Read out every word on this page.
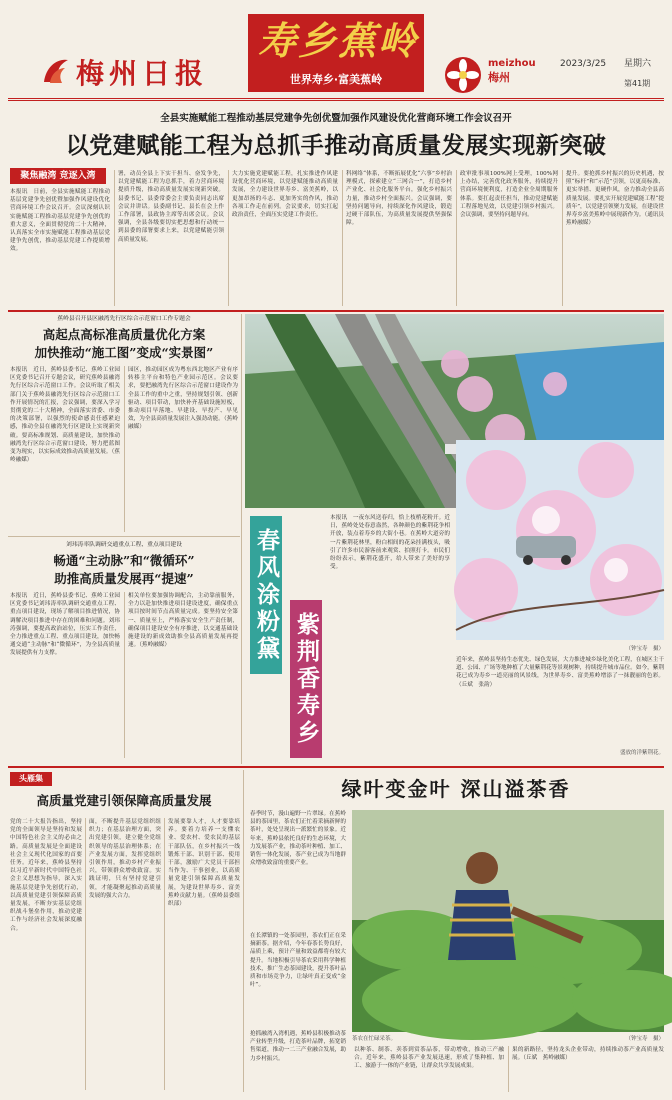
梅州日报
寿乡蕉岭
世界寿乡·富美蕉岭
meizhou
梅州
2023/3/25	星期六
第41期
全县实施赋能工程推动基层党建争先创优暨加强作风建设优化营商环境工作会议召开
以党建赋能工程为总抓手推动高质量发展实现新突破
聚焦融湾 竞逐入湾
本报讯　日前，全县实施赋能工程推动基层党建争先创优暨加强作风建设优化营商环境工作会议召开。会议深刻认识实施赋能工程推动基层党建争先创优的重大意义，全面贯彻党的二十大精神，认真落实全市实施赋能工程推动基层党建争先创优，推动基层党建工作提质增效。
署，动员全县上下实干担当、奋发争先，以党建赋能工程为总抓手，着力营商环境提质升级，推动高质量发展实现新突破。县委书记、县委常委会主要负责同志出席会议并讲话。县委副书记、县长在会上作工作部署，县政协主席等出席会议。会议强调，全县各级要切实把思想和行动统一到县委的部署要求上来，以党建赋能引领高质量发展。
大力实施党建赋能工程，扎实推进作风建设优化营商环境，以党建赋能推动高质量发展，全力建设世界寿乡、富美蕉岭，以更加昂扬的斗志、更加务实的作风，推动各项工作走在前列。会议要求，切实扛起政治责任，全面压实党建工作责任。
科网络“体系，不断拓展优化“六事”乡村治理模式，探索建立“三网合一”，打造乡村产业化、社会化服务平台，强化乡村振兴力量，推动乡村全面振兴。会议强调，要坚持问题导向，持续深化作风建设，锻造过硬干部队伍，为高质量发展提供坚强保障。
政审批事项100%网上受理，100%网上办结，完善优化政务服务，持续提升营商环境便利度，打造企业全周期服务体系。要扛起责任担当，推动党建赋能工程落地见效，以党建引领乡村振兴。会议强调，要坚持问题导向。
提升。要抢抓乡村振兴的历史机遇，按照“标杆”和“示范”引领，以更高标准、更实举措、更硬作风，奋力推动全县高质量发展。要扎实开展党建赋能工程“提质年”，以党建引领聚力发展，在建设世界寿乡富美蕉岭中展现新作为。（通讯员　蕉岭融媒）
蕉岭县召开县区融湾先行区综合示范窗口工作专题会
高起点高标准高质量优化方案
加快推动“施工图”变成“实景图”
本报讯　近日，蕉岭县委书记、蕉岭工业园区党委书记召开专题会议，研究蕉岭县融湾先行区综合示范窗口工作。会议听取了相关部门关于蕉岭县融湾先行区综合示范窗口工作开展情况的汇报，会议强调，要深入学习贯彻党的二十大精神，全面落实省委、市委的决策部署，以强烈的使命感责任感紧迫感，推动全县在融湾先行区建设上实现新突破。要高标准规划、高质量建设，加快推动融湾先行区综合示范窗口建设，努力把蓝图变为现实，以实际成效推动高质量发展。（蕉岭融媒）
园区，推动园区成为粤东西北地区产业有序转移主平台和特色产业园示范区。会议要求，要把融湾先行区综合示范窗口建设作为全县工作的重中之重，坚持规划引领、创新驱动、项目带动，加快补齐基础设施短板，推动项目早落地、早建设、早投产、早见效，为全县高质量发展注入强劲动能。（蕉岭融媒）
刘玮涛率队调研交通重点工程、重点项目建设
畅通“主动脉”和“微循环”
助推高质量发展再“提速”
本报讯　近日，蕉岭县委书记、蕉岭工业园区党委书记刘玮涛率队调研交通重点工程、重点项目建设，现场了解项目推进情况，协调解决项目推进中存在的困难和问题。刘玮涛强调，要提高政治站位，压实工作责任，全力推进重点工程、重点项目建设，加快畅通交通“主动脉”和“微循环”，为全县高质量发展提供有力支撑。
相关单位要加强协调配合，主动靠前服务，全力以赴加快推进项目建设进度，确保重点项目按时间节点高质量完成。要坚持安全第一、质量至上，严格落实安全生产责任制，确保项目建设安全有序推进，以交通基础设施建设的新成效助推全县高质量发展再提速。（蕉岭融媒）	春风涂粉黛
紫荆香寿乡
本报讯　一夜东风送春归，恰上枝梢花粉开。近日，蕉岭处处春意盎然，各种颜色的紫荆花争相开放，装点着寿乡的大街小巷。在蕉岭大道旁的一片紫荆花林里，粉白相间的花朵挂满枝头，吸引了许多市民游客前来观赏、拍照打卡。市民们纷纷表示，紫荆花盛开，给人带来了美好的享受。
（钟宝寿　摄）
近年来，蕉岭县坚持生态优先、绿色发展，大力推进城乡绿化美化工程，在城区主干道、公园、广场等地种植了大量紫荆花等景观树种，持续提升城市品位。如今，紫荆花已成为寿乡一道亮丽的风景线，为世界寿乡、富美蕉岭增添了一抹靓丽的色彩。（丘斌　张韵）
盛放的洋紫荆花。
头雁集
高质量党建引领保障高质量发展
党的二十大报告指出，坚持党的全面领导是坚持和发展中国特色社会主义的必由之路。高质量发展是全面建设社会主义现代化国家的首要任务。近年来，蕉岭县坚持以习近平新时代中国特色社会主义思想为指导，深入实施基层党建争先创优行动，以高质量党建引领保障高质量发展，不断夯实基层党组织战斗堡垒作用，推动党建工作与经济社会发展深度融合。
面，不断提升基层党组织组织力；在基层治理方面，突出党建引领，建立健全党组织领导的基层治理体系；在产业发展方面，发挥党组织引领作用，推动乡村产业振兴，带领群众增收致富。实践证明，只有坚持党建引领，才能凝聚起推动高质量发展的强大合力。
发展要靠人才，人才要靠培养。要着力培养一支懂农业、爱农村、爱农民的基层干部队伍，在乡村振兴一线锻炼干部、识别干部、使用干部，激励广大党员干部担当作为、干事创业，以高质量党建引领保障高质量发展，为建设世界寿乡、富美蕉岭贡献力量。（蕉岭县委组织部）
绿叶变金叶 深山溢茶香
春季时节，漫山遍野一片翠绿。在蕉岭县的茶园里，茶农们正忙着采摘新鲜的茶叶，处处呈现出一派繁忙的景象。近年来，蕉岭县依托良好的生态环境，大力发展茶产业，推动茶叶种植、加工、销售一体化发展，茶产业已成为当地群众增收致富的重要产业。
在长潭镇的一处茶园里，茶农们正在采摘新茶。据介绍，今年春茶长势良好，品质上乘，预计产量和效益都将有较大提升。当地积极引导茶农采用科学种植技术，推广生态茶园建设，提升茶叶品质和市场竞争力，让绿叶真正变成“金叶”。
茶农在忙碌采茶。	（钟宝寿　摄）
抢抓融湾入湾机遇，蕉岭县积极推动茶产业转型升级，打造茶叶品牌，拓宽销售渠道，推动一二三产业融合发展，助力乡村振兴。
以种茶、制茶、卖茶到赏茶品茶，带动增收，推动三产融合。近年来，蕉岭县茶产业发展迅速，形成了集种植、加工、旅游于一体的产业链，让群众共享发展成果。
果的新路径，坚持龙头企业带动，持续推动茶产业高质量发展。（丘斌　蕉岭融媒）
